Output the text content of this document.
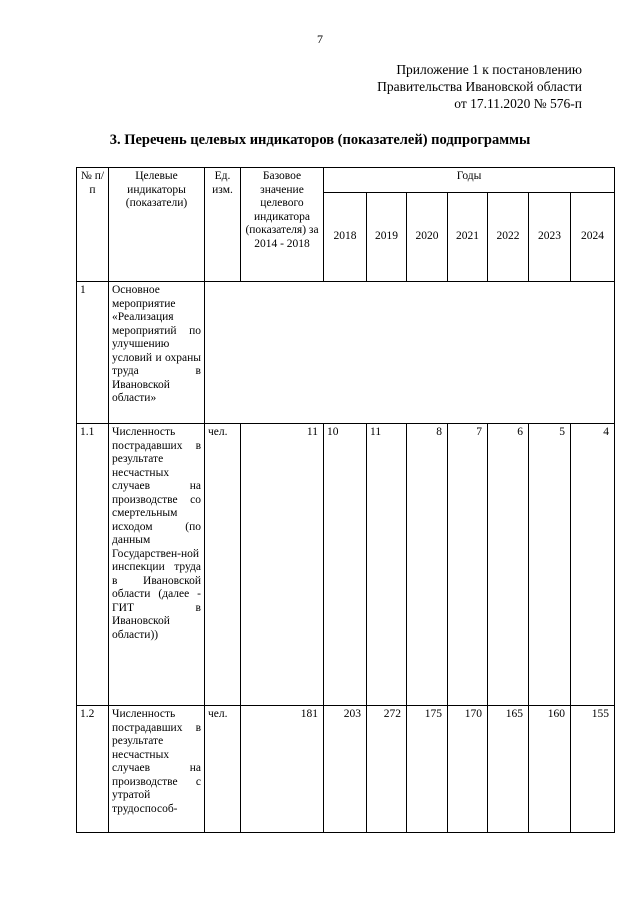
7
Приложение 1 к постановлению
Правительства Ивановской области
от 17.11.2020 № 576-п
3. Перечень целевых индикаторов (показателей) подпрограммы
№ п/п	Целевые индикаторы (показатели)	Ед. изм.	Базовое значение целевого индикатора (показателя) за 2014 - 2018	Годы						
				2018	2019	2020	2021	2022	2023	2024
1	Основное мероприятие «Реализация мероприятий по улучшению условий и охраны труда в Ивановской области»									
1.1	Численность пострадавших в результате несчастных случаев на производстве со смертельным исходом (по данным Государствен-ной инспекции труда в Ивановской области (далее - ГИТ в Ивановской области))	чел.	11	10	11	8	7	6	5	4
1.2	Численность пострадавших в результате несчастных случаев на производстве с утратой трудоспособ-	чел.	181	203	272	175	170	165	160	155
